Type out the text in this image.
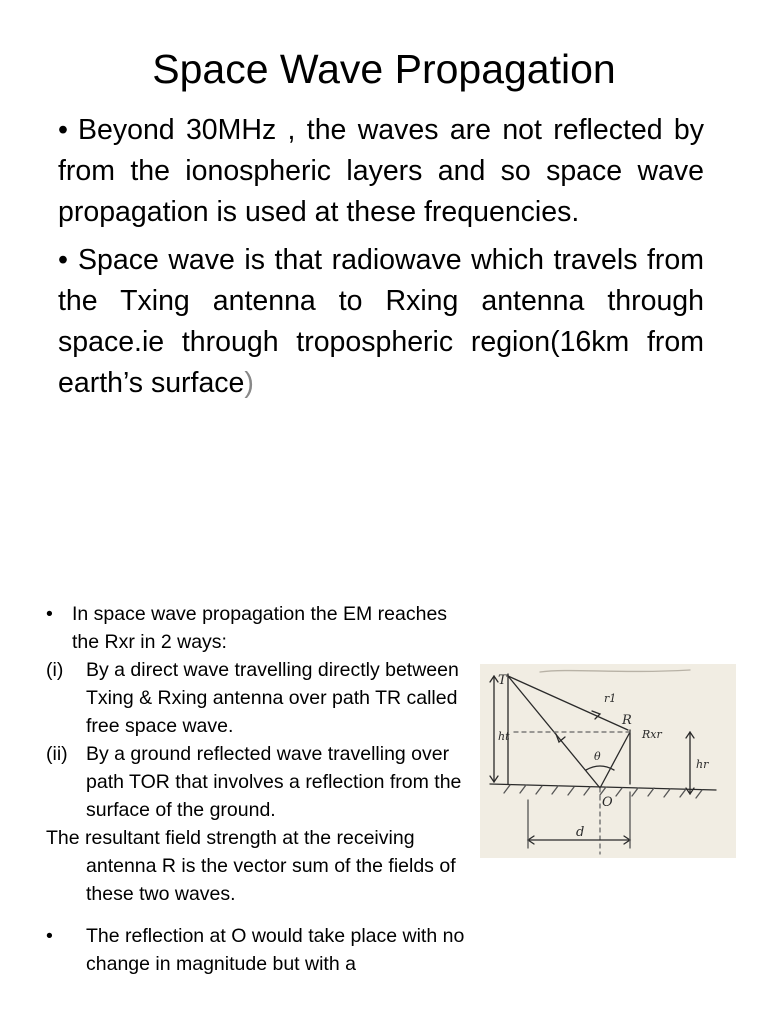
Space Wave Propagation

• Beyond 30MHz , the waves are not reflected by from the ionospheric layers and so space wave propagation is used at these frequencies.

• Space wave is that radiowave which travels from the Txing antenna to Rxing antenna through space.ie through tropospheric region(16km from earth’s surface)

• In space wave propagation the EM reaches the Rxr in 2 ways:
(i) By a direct wave travelling directly between Txing & Rxing antenna over path TR called free space wave.
(ii) By a ground reflected wave travelling over path TOR that involves a reflection from the surface of the ground.
The resultant field strength at the receiving antenna R is the vector sum of the fields of these two waves.
• The reflection at O would take place with no change in magnitude but with a
T
R
Rxr
O
d
ht
hr
r1
θ
